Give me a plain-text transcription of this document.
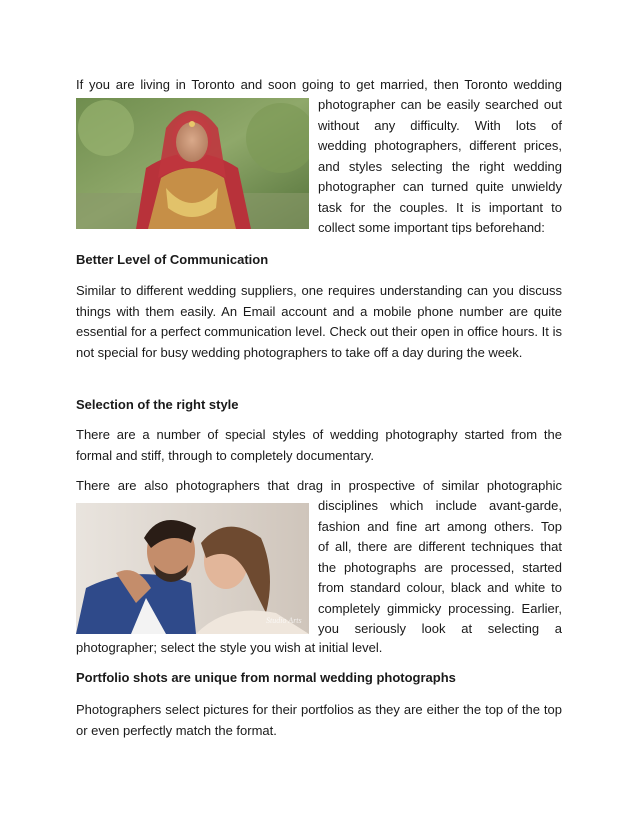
If you are living in Toronto and soon going to get married, then Toronto wedding

photographer can be easily searched out

without any difficulty. With lots of

wedding photographers, different prices,

and styles selecting the right wedding

photographer can turned quite unwieldy

task for the couples. It is important to

collect some important tips beforehand:

Better Level of Communication

Similar to different wedding suppliers, one requires understanding can you discuss things with them easily. An Email account and a mobile phone number are quite essential for a perfect communication level. Check out their open in office hours. It is not special for busy wedding photographers to take off a day during the week.

Selection of the right style

There are a number of special styles of wedding photography started from the formal and stiff, through to completely documentary.

There are also photographers that drag in prospective of similar photographic

Studio Arts

disciplines which include avant-garde,

fashion and fine art among others. Top

of all, there are different techniques that

the photographs are processed, started

from standard colour, black and white to

completely gimmicky processing. Earlier,

you seriously look at selecting a

photographer; select the style you wish at initial level.

Portfolio shots are unique from normal wedding photographs

Photographers select pictures for their portfolios as they are either the top of the top or even perfectly match the format.
